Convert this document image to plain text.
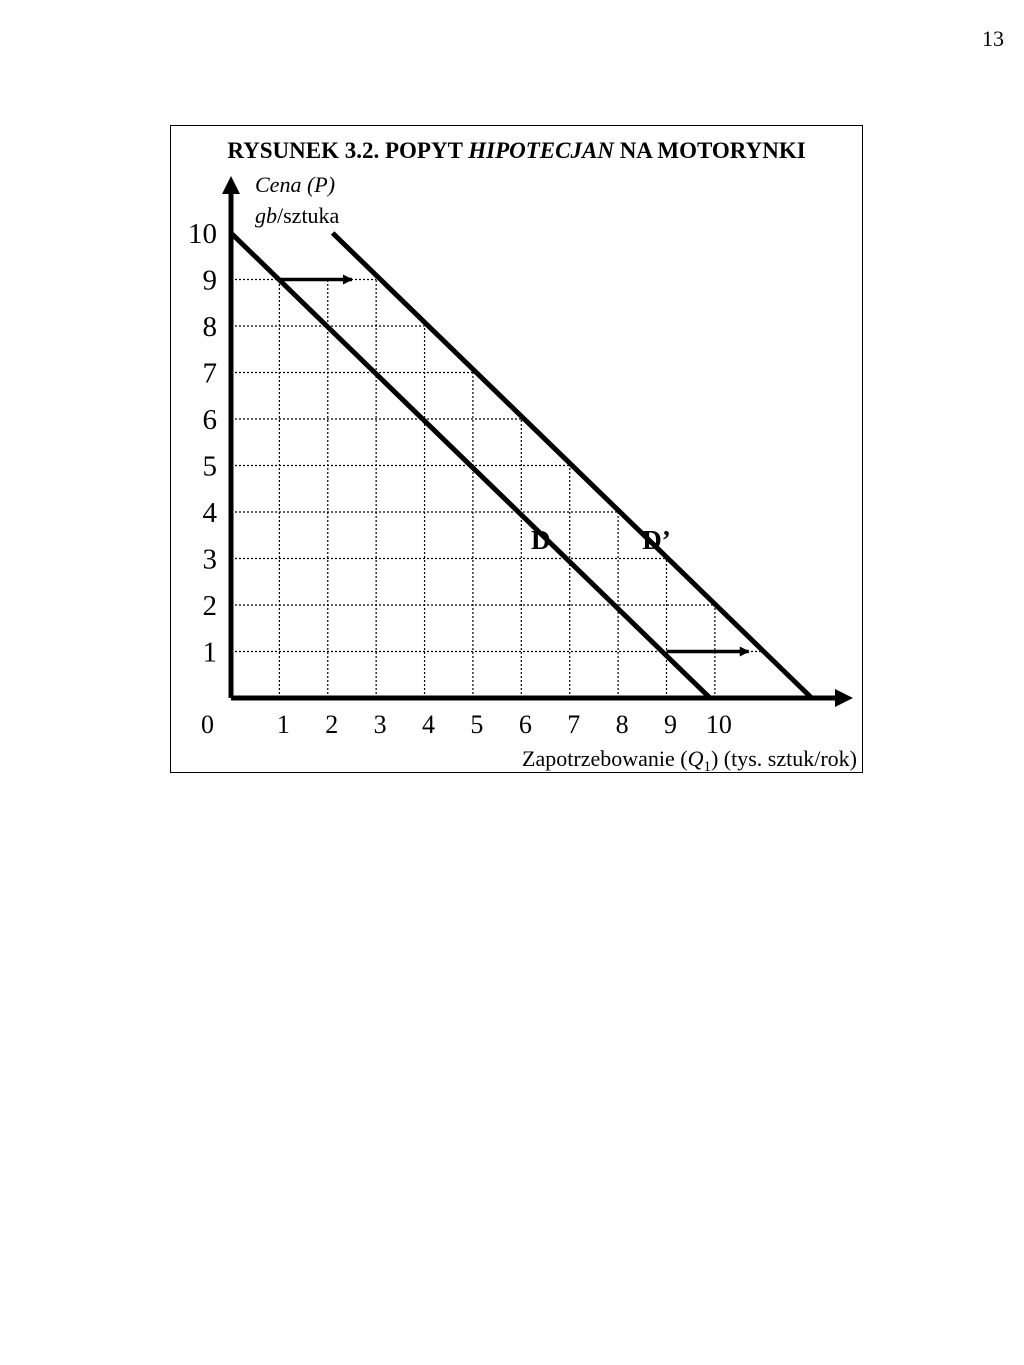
13
RYSUNEK 3.2. POPYT HIPOTECJAN NA MOTORYNKI
Cena (P)
gb/sztuka
0
Zapotrzebowanie $(Q_1)$ (tys. sztuk/rok)
D	D’
1
2
3
4
5
6
7
8
9
10
1 2 3 4 5 6 7 8 9 10
